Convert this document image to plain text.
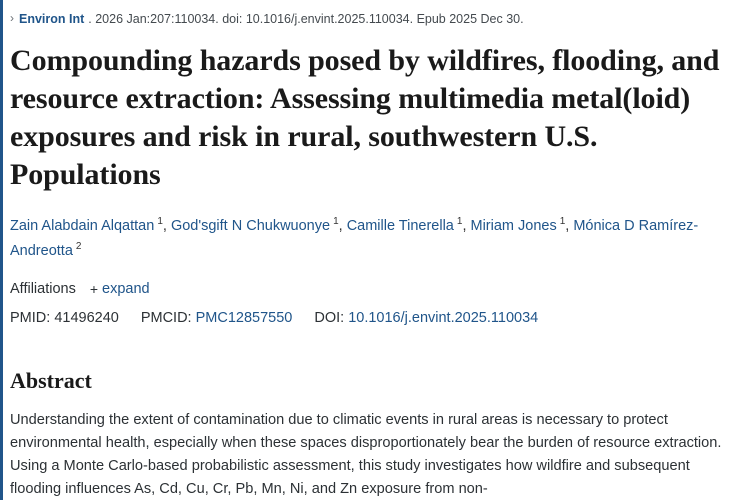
› Environ Int . 2026 Jan:207:110034. doi: 10.1016/j.envint.2025.110034. Epub 2025 Dec 30.
Compounding hazards posed by wildfires, flooding, and resource extraction: Assessing multimedia metal(loid) exposures and risk in rural, southwestern U.S. Populations
Zain Alabdain Alqattan $^1$, God'sgift N Chukwuonye $^1$, Camille Tinerella $^1$, Miriam Jones $^1$, Mónica D Ramírez-Andreotta $^2$
Affiliations + expand
PMID: 41496240 PMCID: PMC12857550 DOI: 10.1016/j.envint.2025.110034
Abstract

Understanding the extent of contamination due to climatic events in rural areas is necessary to protect environmental health, especially when these spaces disproportionately bear the burden of resource extraction. Using a Monte Carlo-based probabilistic assessment, this study investigates how wildfire and subsequent flooding influences As, Cd, Cu, Cr, Pb, Mn, Ni, and Zn exposure from non-
